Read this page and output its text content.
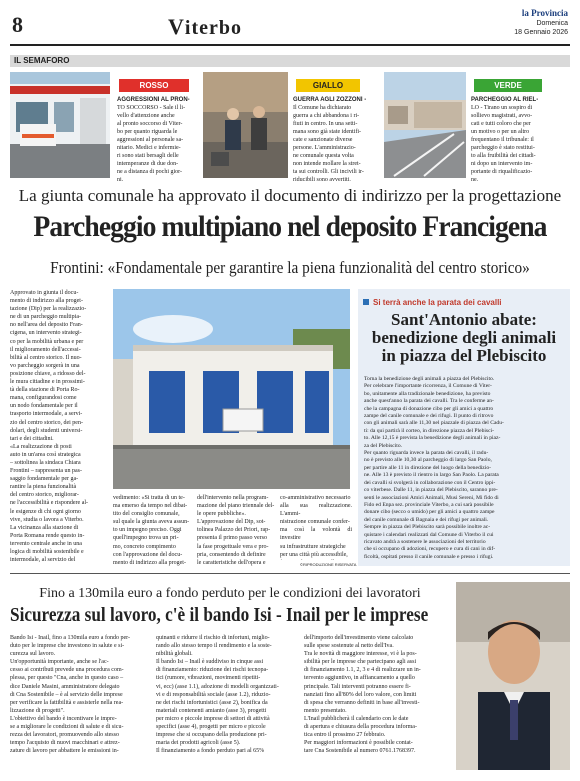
8	Viterbo
la Provincia
Domenica
18 Gennaio 2026
IL SEMAFORO
ROSSO
AGGRESSIONI AL PRON-
TO SOCCORSO - Sale il li-
vello d'attenzione anche
al pronto soccorso di Viter-
bo per quanto riguarda le
aggressioni al personale sa-
nitario. Medici e infermie-
ri sono stati bersagli delle
intemperanze di due don-
ne a distanza di pochi gior-
ni.
GIALLO
GUERRA AGLI ZOZZONI -
Il Comune ha dichiarato
guerra a chi abbandona i ri-
fiuti in centro. In una setti-
mana sono già state identifi-
cate e sanzionate diverse
persone. L'amministrazio-
ne comunale questa volta
non intende mollare la stret-
ta sui controlli. Gli incivili ir-
riducibili sono avvertiti.
VERDE
PARCHEGGIO AL RIEL-
LO - Tirano un sospiro di
sollievo magistrati, avvo-
cati e tutti coloro che per
un motivo o per un altro
frequentano il tribunale: il
parcheggio è stato restitui-
to alla fruibilità dei cittadi-
ni dopo un intervento im-
portante di riqualificazio-
ne.
La giunta comunale ha approvato il documento di indirizzo per la progettazione
Parcheggio multipiano nel deposito Francigena
Frontini: «Fondamentale per garantire la piena funzionalità del centro storico»
Approvato in giunta il docu-
mento di indirizzo alla proget-
tazione (Dip) per la realizzazio-
ne di un parcheggio multipia-
no nell'area del deposito Fran-
cigena, un intervento strategi-
co per la mobilità urbana e per
il miglioramento dell'accessi-
bilità al centro storico. Il nuo-
vo parcheggio sorgerà in una
posizione chiave, a ridosso del-
le mura cittadine e in prossimi-
tà della stazione di Porta Ro-
mana, configurandosi come
un nodo fondamentale per il
trasporto intermodale, a servi-
zio del centro storico, dei pen-
dolari, degli studenti universi-
tari e dei cittadini.
«La realizzazione di posti
auto in un'area così strategica
– sottolinea la sindaca Chiara
Frontini – rappresenta un pas-
saggio fondamentale per ga-
rantire la piena funzionalità
del centro storico, migliorar-
ne l'accessibilità e rispondere al-
le esigenze di chi ogni giorno
vive, studia o lavora a Viterbo.
La vicinanza alla stazione di
Porta Romana rende questo in-
tervento centrale anche in una
logica di mobilità sostenibile e
intermodale, al servizio del
vedimento: «Si tratta di un te-
ma emerso da tempo nel dibat-
tito del consiglio comunale,
sul quale la giunta aveva assun-
to un impegno preciso. Oggi
quell'impegno trova un pri-
mo, concreto compimento
con l'approvazione del docu-
mento di indirizzo alla proget-
dell'intervento nella program-
mazione del piano triennale del-
le opere pubbliche».
L'approvazione del Dip, sot-
tolinea Palazzo dei Priori, rap-
presenta il primo passo verso
la fase progettuale vera e pro-
pria, consentendo di definire
le caratteristiche dell'opera e
co-amministrativo necessario
alla sua realizzazione. L'ammi-
nistrazione comunale confer-
ma così la volontà di investire
su infrastrutture strategiche
per una città più accessibile,
©RIPRODUZIONE RISERVATA
Si terrà anche la parata dei cavalli
Sant'Antonio abate:
benedizione degli animali
in piazza del Plebiscito
Torna la benedizione degli animali a piazza del Plebiscito.
Per celebrare l'importante ricorrenza, il Comune di Viter-
bo, unitamente alla tradizionale benedizione, ha previsto
anche quest'anno la parata dei cavalli. Tra le conferme an-
che la campagna di donazione cibo per gli amici a quattro
zampe del canile comunale e dei rifugi. Il punto di ritrovo
con gli animali sarà alle 11,30 nel piazzale di piazza del Cadu-
ti: da qui partirà il corteo, in direzione piazza del Plebisci-
to. Alle 12,15 è prevista la benedizione degli animali in piaz-
za del Plebiscito.
Per quanto riguarda invece la parata dei cavalli, il radu-
no è previsto alle 10,30 al parcheggio di largo San Paolo,
per partire alle 11 in direzione del luogo della benedizio-
ne. Alle 13 è previsto il rientro in largo San Paolo. La parata
dei cavalli si svolgerà in collaborazione con il Centro ippi-
co viterbese. Dalle 11, in piazza del Plebiscito, saranno pre-
senti le associazioni Amici Animali, Musi Sereni, Mi fido di
Fido ed Enpa sez. provinciale Viterbo, a cui sarà possibile
donare cibo (secco o umido) per gli amici a quattro zampe
del canile comunale di Bagnaia e dei rifugi per animali.
Sempre in piazza del Plebiscito sarà possibile inoltre ac-
quistare i calendari realizzati dal Comune di Viterbo il cui
ricavato andrà a sostenere le associazioni del territorio
che si occupano di adozioni, recupero e cura di cani in dif-
ficoltà, ospitati presso il canile comunale e presso i rifugi.
Fino a 130mila euro a fondo perduto per le condizioni dei lavoratori
Sicurezza sul lavoro, c'è il bando Isi - Inail per le imprese
Bando Isi - Inail, fino a 130mila euro a fondo per-
duto per le imprese che investono in salute e si-
curezza sul lavoro.
Un'opportunità importante, anche se l'ac-
cesso ai contributi prevede una procedura com-
plessa, per questo "Cna, anche in questo caso –
dice Daniele Masini, amministratore delegato
di Cna Sostenibile – è al servizio delle imprese
per verificare la fattibilità e assisterle nella rea-
lizzazione di progetti".
L'obiettivo del bando è incentivare le impre-
se a migliorare le condizioni di salute e di sicu-
rezza dei lavoratori, promuovendo allo stesso
tempo l'acquisto di nuovi macchinari e attrez-
zature di lavoro per abbattere le emissioni in-
quinanti e ridurre il rischio di infortuni, miglio-
rando allo stesso tempo il rendimento e la soste-
nibilità globali.
Il bando Isi – Inail è suddiviso in cinque assi
di finanziamento: riduzione dei rischi tecnopa-
tici (rumore, vibrazioni, movimenti ripetiti-
vi, ecc) (asse 1.1), adozione di modelli organizzati-
vi e di responsabilità sociale (asse 1.2), riduzio-
ne dei rischi infortunistici (asse 2), bonifica da
materiali contenenti amianto (asse 3), progetti
per micro e piccole imprese di settori di attività
specifici (asse 4), progetti per micro e piccole
imprese che si occupano della produzione pri-
maria dei prodotti agricoli (asse 5).
Il finanziamento a fondo perduto pari al 65%
dell'importo dell'investimento viene calcolato
sulle spese sostenute al netto dell'Iva.
Tra le novità di maggiore interesse, vi è la pos-
sibilità per le imprese che partecipano agli assi
di finanziamento 1.1, 2, 3 e 4 di realizzare un in-
tervento aggiuntivo, in affiancamento a quello
principale. Tali interventi potranno essere fi-
nanziati fino all'80% del loro valore, con limiti
di spesa che verranno definiti in base all'investi-
mento presentato.
L'Inail pubblicherà il calendario con le date
di apertura e chiusura della procedura informa-
tica entro il prossimo 27 febbraio.
Per maggiori informazioni è possibile contat-
tare Cna Sostenibile al numero 0761.1768397.
